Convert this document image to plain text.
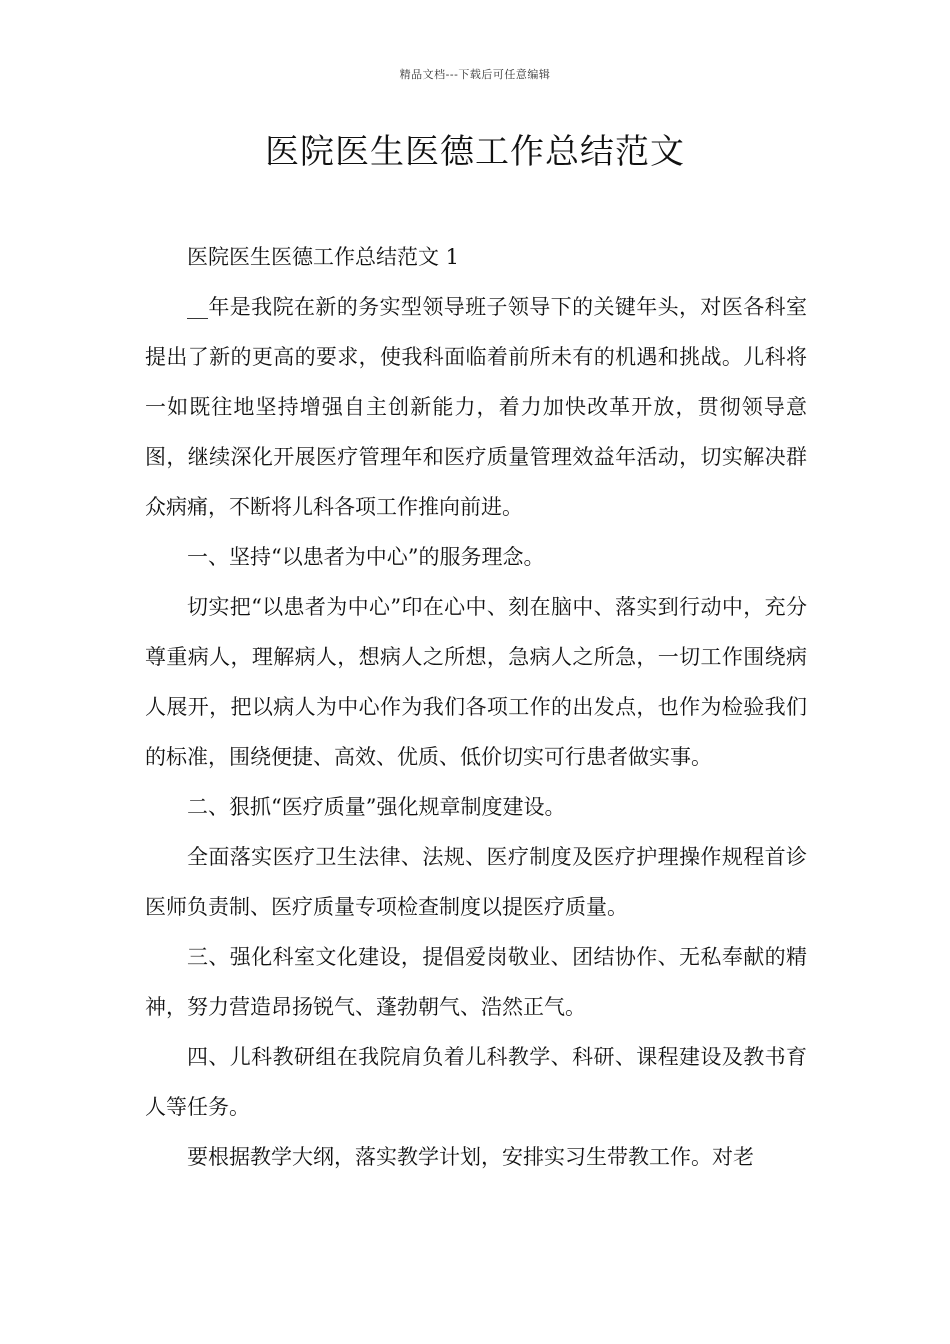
精品文档---下载后可任意编辑
医院医生医德工作总结范文

医院医生医德工作总结范文 1

__年是我院在新的务实型领导班子领导下的关键年头，对医各科室提出了新的更高的要求，使我科面临着前所未有的机遇和挑战。儿科将一如既往地坚持增强自主创新能力，着力加快改革开放，贯彻领导意图，继续深化开展医疗管理年和医疗质量管理效益年活动，切实解决群众病痛，不断将儿科各项工作推向前进。

一、坚持“以患者为中心”的服务理念。

切实把“以患者为中心”印在心中、刻在脑中、落实到行动中，充分尊重病人，理解病人，想病人之所想，急病人之所急，一切工作围绕病人展开，把以病人为中心作为我们各项工作的出发点，也作为检验我们的标准，围绕便捷、高效、优质、低价切实可行患者做实事。

二、狠抓“医疗质量”强化规章制度建设。

全面落实医疗卫生法律、法规、医疗制度及医疗护理操作规程首诊医师负责制、医疗质量专项检查制度以提医疗质量。

三、强化科室文化建设，提倡爱岗敬业、团结协作、无私奉献的精神，努力营造昂扬锐气、蓬勃朝气、浩然正气。

四、儿科教研组在我院肩负着儿科教学、科研、课程建设及教书育人等任务。

要根据教学大纲，落实教学计划，安排实习生带教工作。对老
